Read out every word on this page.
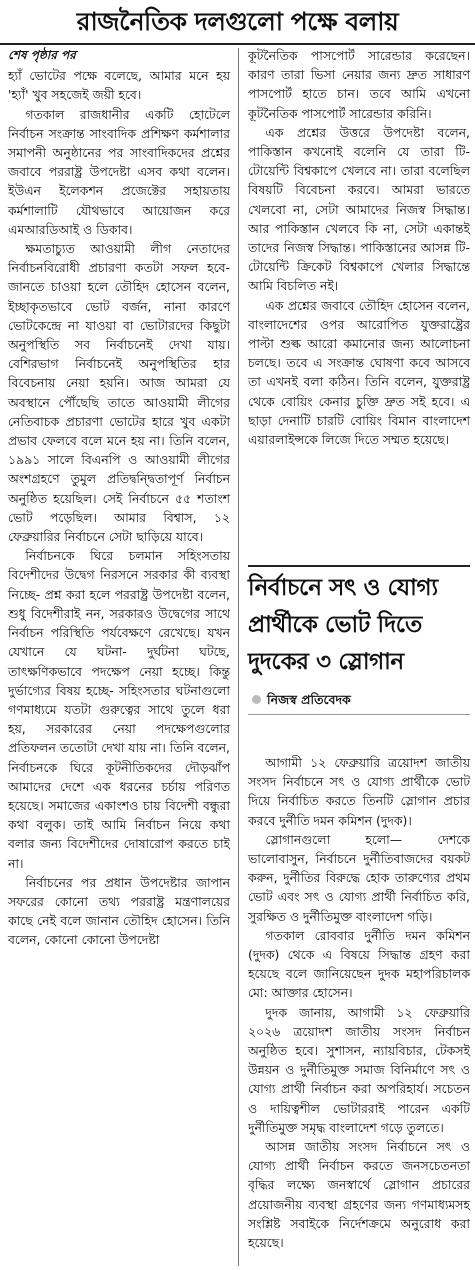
রাজনৈতিক দলগুলো পক্ষে বলায়

শেষ পৃষ্ঠার পর

হ্যাঁ ভোটের পক্ষে বলেছে, আমার মনে হয় 'হ্যাঁ' খুব সহজেই জয়ী হবে।

গতকাল রাজধানীর একটি হোটেলে নির্বাচন সংক্রান্ত সাংবাদিক প্রশিক্ষণ কর্মশালার সমাপনী অনুষ্ঠানের পর সাংবাদিকদের প্রশ্নের জবাবে পররাষ্ট্র উপদেষ্টা এসব কথা বলেন। ইউএন ইলেকশন প্রজেক্টের সহায়তায় কর্মশালাটি যৌথভাবে আয়োজন করে এমআরডিআই ও ডিকাব।

ক্ষমতাচ্যুত আওয়ামী লীগ নেতাদের নির্বাচনবিরোধী প্রচারণা কতটা সফল হবে- জানতে চাওয়া হলে তৌহিদ হোসেন বলেন, ইচ্ছাকৃতভাবে ভোট বর্জন, নানা কারণে ভোটকেন্দ্রে না যাওয়া বা ভোটারদের কিছুটা অনুপস্থিতি সব নির্বাচনেই দেখা যায়। বেশিরভাগ নির্বাচনেই অনুপস্থিতির হার বিবেচনায় নেয়া হয়নি। আজ আমরা যে অবস্থানে পৌঁছেছি তাতে আওয়ামী লীগের নেতিবাচক প্রচারণা ভোটের হারে খুব একটা প্রভাব ফেলবে বলে মনে হয় না। তিনি বলেন, ১৯৯১ সালে বিএনপি ও আওয়ামী লীগের অংশগ্রহণে তুমুল প্রতিদ্বন্দ্বিতাপূর্ণ নির্বাচন অনুষ্ঠিত হয়েছিল। সেই নির্বাচনে ৫৫ শতাংশ ভোট পড়েছিল। আমার বিশ্বাস, ১২ ফেব্রুয়ারির নির্বাচনে সেটা ছাড়িয়ে যাবে।

নির্বাচনকে ঘিরে চলমান সহিংসতায় বিদেশীদের উদ্বেগ নিরসনে সরকার কী ব্যবস্থা নিচ্ছে- প্রশ্ন করা হলে পররাষ্ট্র উপদেষ্টা বলেন, শুধু বিদেশীরাই নন, সরকারও উদ্বেগের সাথে নির্বাচন পরিস্থিতি পর্যবেক্ষণে রেখেছে। যখন যেখানে যে ঘটনা- দুর্ঘটনা ঘটছে, তাৎক্ষণিকভাবে পদক্ষেপ নেয়া হচ্ছে। কিন্তু দুর্ভাগ্যের বিষয় হচ্ছে- সহিংসতার ঘটনাগুলো গণমাধ্যমে যতটা গুরুত্বের সাথে তুলে ধরা হয়, সরকারের নেয়া পদক্ষেপগুলোর প্রতিফলন ততোটা দেখা যায় না। তিনি বলেন, নির্বাচনকে ঘিরে কূটনীতিকদের দৌড়ঝাঁপ আমাদের দেশে এক ধরনের চর্চায় পরিণত হয়েছে। সমাজের একাংশও চায় বিদেশী বন্ধুরা কথা বলুক। তাই আমি নির্বাচন নিয়ে কথা বলার জন্য বিদেশীদের দোষারোপ করতে চাই না।

নির্বাচনের পর প্রধান উপদেষ্টার জাপান সফরের কোনো তথ্য পররাষ্ট্র মন্ত্রণালয়ের কাছে নেই বলে জানান তৌহিদ হোসেন। তিনি বলেন, কোনো কোনো উপদেষ্টা

কূটনৈতিক পাসপোর্ট সারেন্ডার করেছেন। কারণ তারা ভিসা নেয়ার জন্য দ্রুত সাধারণ পাসপোর্ট হাতে চান। তবে আমি এখনো কূটনৈতিক পাসপোর্ট সারেন্ডার করিনি।

এক প্রশ্নের উত্তরে উপদেষ্টা বলেন, পাকিস্তান কখনোই বলেনি যে তারা টি-টোয়েন্টি বিশ্বকাপে খেলবে না। তারা বলেছিল বিষয়টি বিবেচনা করবে। আমরা ভারতে খেলবো না, সেটা আমাদের নিজস্ব সিদ্ধান্ত। আর পাকিস্তান খেলবে কি না, সেটা একান্তই তাদের নিজস্ব সিদ্ধান্ত। পাকিস্তানের আসন্ন টি-টোয়েন্টি ক্রিকেট বিশ্বকাপে খেলার সিদ্ধান্তে আমি বিচলিত নই।

এক প্রশ্নের জবাবে তৌহিদ হোসেন বলেন, বাংলাদেশের ওপর আরোপিত যুক্তরাষ্ট্রের পাল্টা শুল্ক আরো কমানোর জন্য আলোচনা চলছে। তবে এ সংক্রান্ত ঘোষণা কবে আসবে তা এখনই বলা কঠিন। তিনি বলেন, যুক্তরাষ্ট্র থেকে বোয়িং কেনার চুক্তি দ্রুত সই হবে। এ ছাড়া দেনাটি চারটি বোয়িং বিমান বাংলাদেশ এয়ারলাইন্সকে লিজে দিতে সম্মত হয়েছে।

নির্বাচনে সৎ ও যোগ্য প্রার্থীকে ভোট দিতে দুদকের ৩ স্লোগান
নিজস্ব প্রতিবেদক

আগামী ১২ ফেব্রুয়ারি ত্রয়োদশ জাতীয় সংসদ নির্বাচনে সৎ ও যোগ্য প্রার্থীকে ভোট দিয়ে নির্বাচিত করতে তিনটি স্লোগান প্রচার করবে দুর্নীতি দমন কমিশন (দুদক)।

স্লোগানগুলো হলো— দেশকে ভালোবাসুন, নির্বাচনে দুর্নীতিবাজদের বয়কট করুন, দুর্নীতির বিরুদ্ধে হোক তারুণ্যের প্রথম ভোট এবং সৎ ও যোগ্য প্রার্থী নির্বাচিত করি, সুরক্ষিত ও দুর্নীতিমুক্ত বাংলাদেশ গড়ি।

গতকাল রোববার দুর্নীতি দমন কমিশন (দুদক) থেকে এ বিষয়ে সিদ্ধান্ত গ্রহণ করা হয়েছে বলে জানিয়েছেন দুদক মহাপরিচালক মো: আক্তার হোসেন।

দুদক জানায়, আগামী ১২ ফেব্রুয়ারি ২০২৬ ত্রয়োদশ জাতীয় সংসদ নির্বাচন অনুষ্ঠিত হবে। সুশাসন, ন্যায়বিচার, টেকসই উন্নয়ন ও দুর্নীতিমুক্ত সমাজ বিনির্মাণে সৎ ও যোগ্য প্রার্থী নির্বাচন করা অপরিহার্য। সচেতন ও দায়িত্বশীল ভোটাররাই পারেন একটি দুর্নীতিমুক্ত সমৃদ্ধ বাংলাদেশ গড়ে তুলতে।

আসন্ন জাতীয় সংসদ নির্বাচনে সৎ ও যোগ্য প্রার্থী নির্বাচন করতে জনসচেতনতা বৃদ্ধির লক্ষ্যে জনস্বার্থে স্লোগান প্রচারের প্রয়োজনীয় ব্যবস্থা গ্রহণের জন্য গণমাধ্যমসহ সংশ্লিষ্ট সবাইকে নির্দেশক্রমে অনুরোধ করা হয়েছে।
